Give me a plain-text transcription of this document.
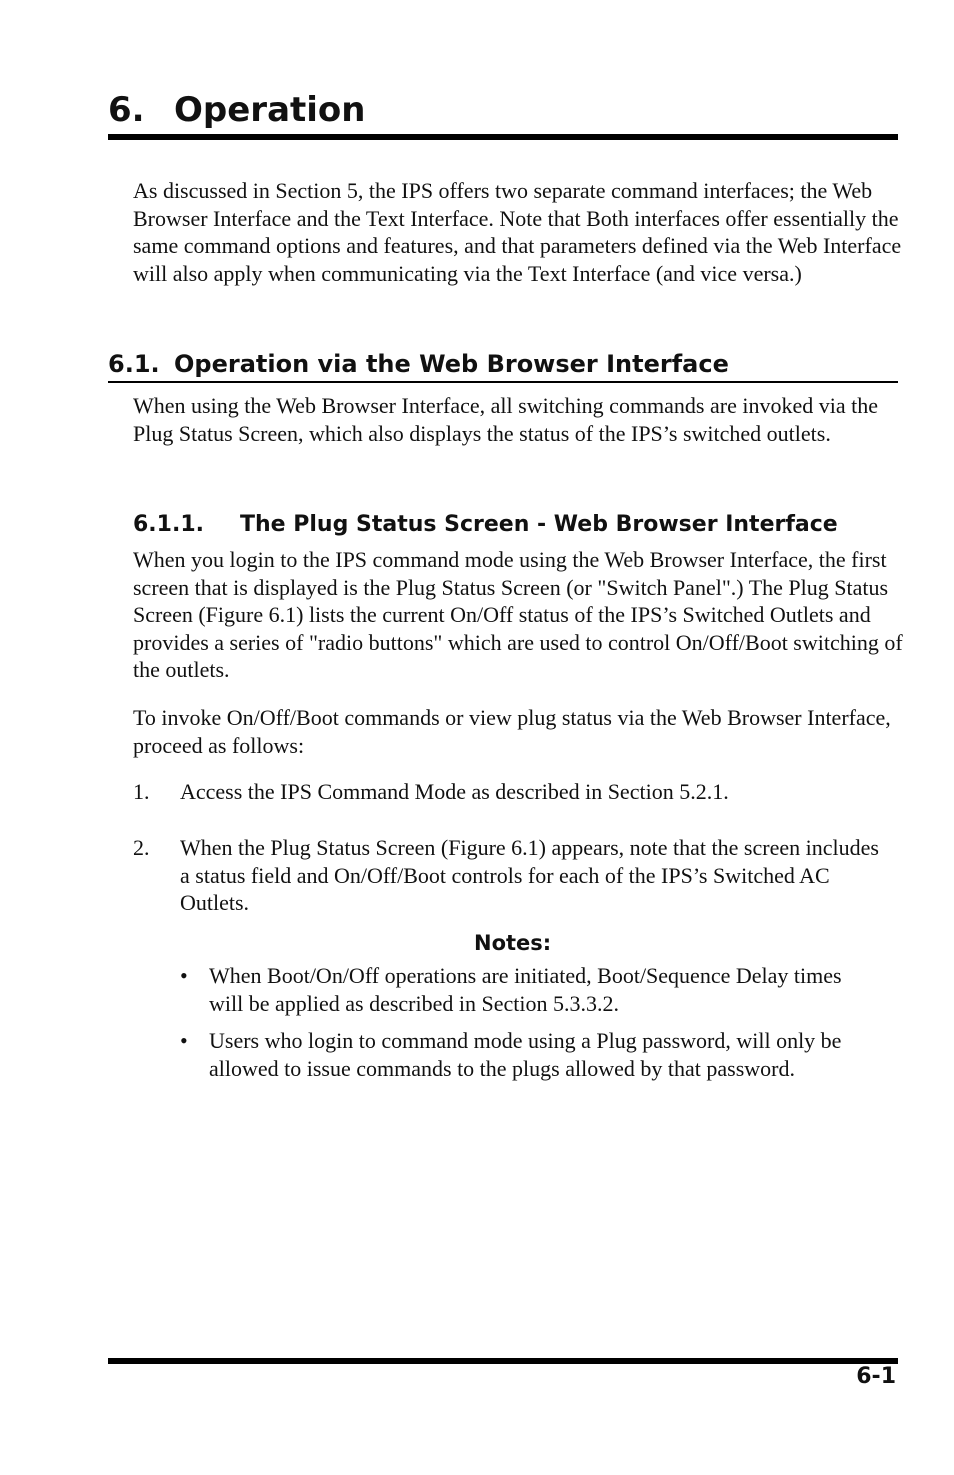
6. Operation

As discussed in Section 5, the IPS offers two separate command interfaces; the Web Browser Interface and the Text Interface. Note that Both interfaces offer essentially the same command options and features, and that parameters defined via the Web Interface will also apply when communicating via the Text Interface (and vice versa.)

6.1. Operation via the Web Browser Interface

When using the Web Browser Interface, all switching commands are invoked via the Plug Status Screen, which also displays the status of the IPS’s switched outlets.

6.1.1. The Plug Status Screen - Web Browser Interface

When you login to the IPS command mode using the Web Browser Interface, the first screen that is displayed is the Plug Status Screen (or "Switch Panel".) The Plug Status Screen (Figure 6.1) lists the current On/Off status of the IPS’s Switched Outlets and provides a series of "radio buttons" which are used to control On/Off/Boot switching of the outlets.

To invoke On/Off/Boot commands or view plug status via the Web Browser Interface, proceed as follows:

1. Access the IPS Command Mode as described in Section 5.2.1.
2. When the Plug Status Screen (Figure 6.1) appears, note that the screen includes a status field and On/Off/Boot controls for each of the IPS’s Switched AC Outlets.
Notes:
• When Boot/On/Off operations are initiated, Boot/Sequence Delay times will be applied as described in Section 5.3.3.2.
• Users who login to command mode using a Plug password, will only be allowed to issue commands to the plugs allowed by that password.
6-1
